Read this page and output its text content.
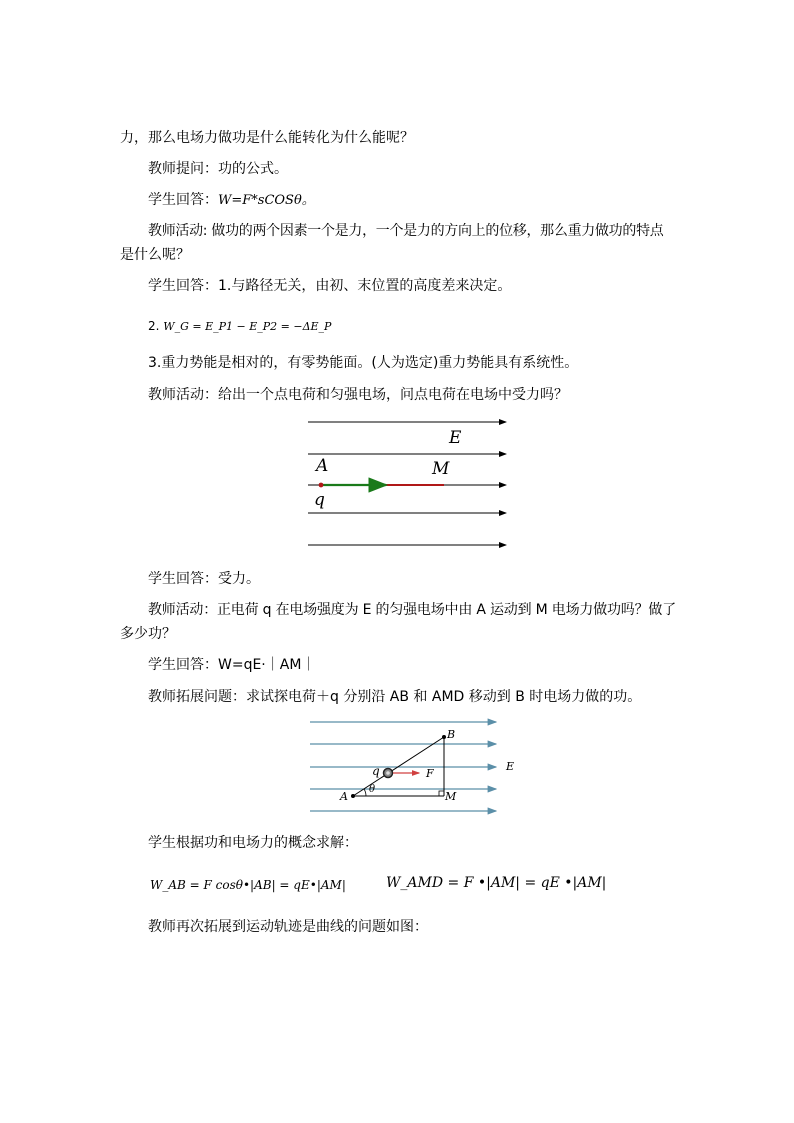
力，那么电场力做功是什么能转化为什么能呢？
教师提问：功的公式。
学生回答：W=F*sCOSθ。
教师活动: 做功的两个因素一个是力，一个是力的方向上的位移，那么重力做功的特点
是什么呢？
学生回答：1.与路径无关，由初、末位置的高度差来决定。
2. W_G = E_P1 − E_P2 = −ΔE_P
3.重力势能是相对的，有零势能面。(人为选定)重力势能具有系统性。
教师活动：给出一个点电荷和匀强电场，问点电荷在电场中受力吗？
E
A	M
q
学生回答：受力。
教师活动：正电荷 q 在电场强度为 E 的匀强电场中由 A 运动到 M 电场力做功吗？做了
多少功？
学生回答：W=qE·｜AM｜
教师拓展问题：求试探电荷＋q 分别沿 AB 和 AMD 移动到 B 时电场力做的功。
B
q	F
E
A
θ
M
学生根据功和电场力的概念求解：
W_AB = F cosθ•|AB| = qE•|AM|	W_AMD = F •|AM| = qE •|AM|
教师再次拓展到运动轨迹是曲线的问题如图：
